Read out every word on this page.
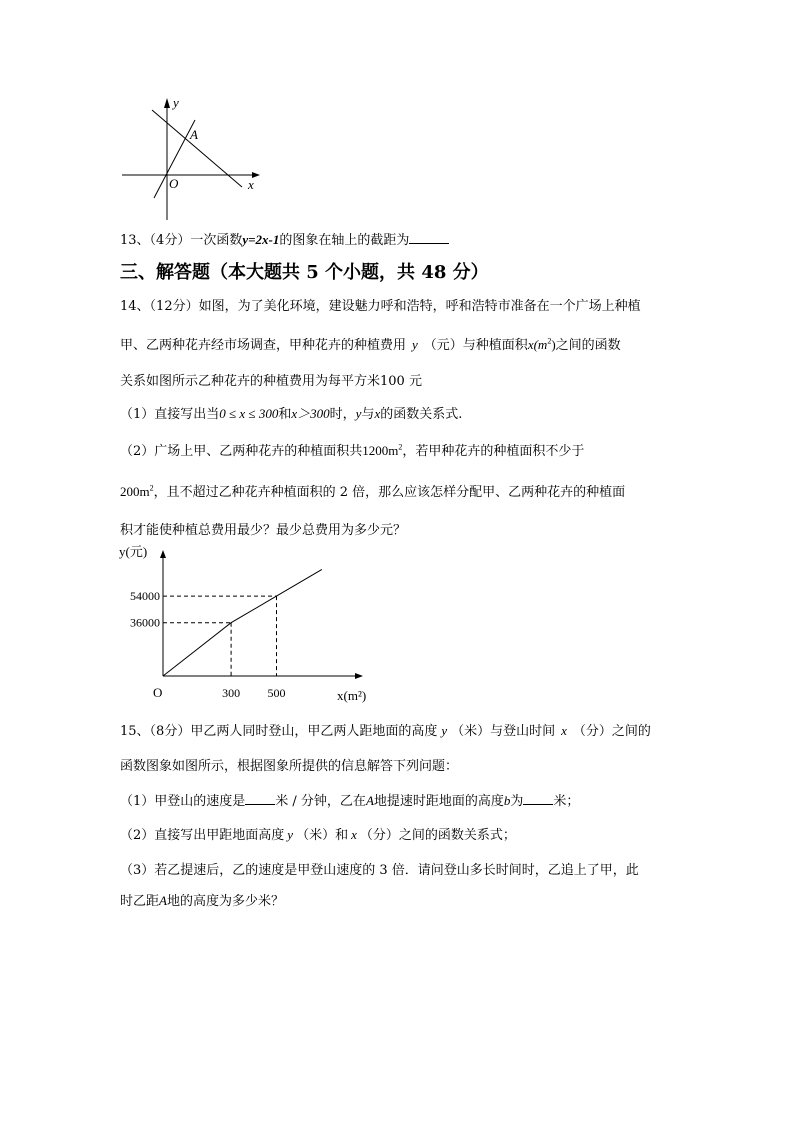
y
x
O
A
13、（4分）一次函数y=2x-1的图象在轴上的截距为
三、解答题（本大题共 5 个小题，共 48 分）
14、（12分）如图，为了美化环境，建设魅力呼和浩特，呼和浩特市准备在一个广场上种植
甲、乙两种花卉经市场调查，甲种花卉的种植费用 y （元）与种植面积$x(m^2)$之间的函数
关系如图所示乙种花卉的种植费用为每平方米100 元
（1）直接写出当0 ≤ x ≤ 300和x＞300时，y与x的函数关系式.
（2）广场上甲、乙两种花卉的种植面积共$1200m^2$，若甲种花卉的种植面积不少于
$200m^2$，且不超过乙种花卉种植面积的 2 倍，那么应该怎样分配甲、乙两种花卉的种植面
积才能使种植总费用最少？最少总费用为多少元？
y(元)
x(m²)
O
54000
36000
300 500
15、（8分）甲乙两人同时登山，甲乙两人距地面的高度 y （米）与登山时间 x （分）之间的
函数图象如图所示，根据图象所提供的信息解答下列问题：
（1）甲登山的速度是 米 / 分钟，乙在A地提速时距地面的高度b为 米；
（2）直接写出甲距地面高度 y （米）和 x （分）之间的函数关系式；
（3）若乙提速后，乙的速度是甲登山速度的 3 倍．请问登山多长时间时，乙追上了甲，此
时乙距A地的高度为多少米？
